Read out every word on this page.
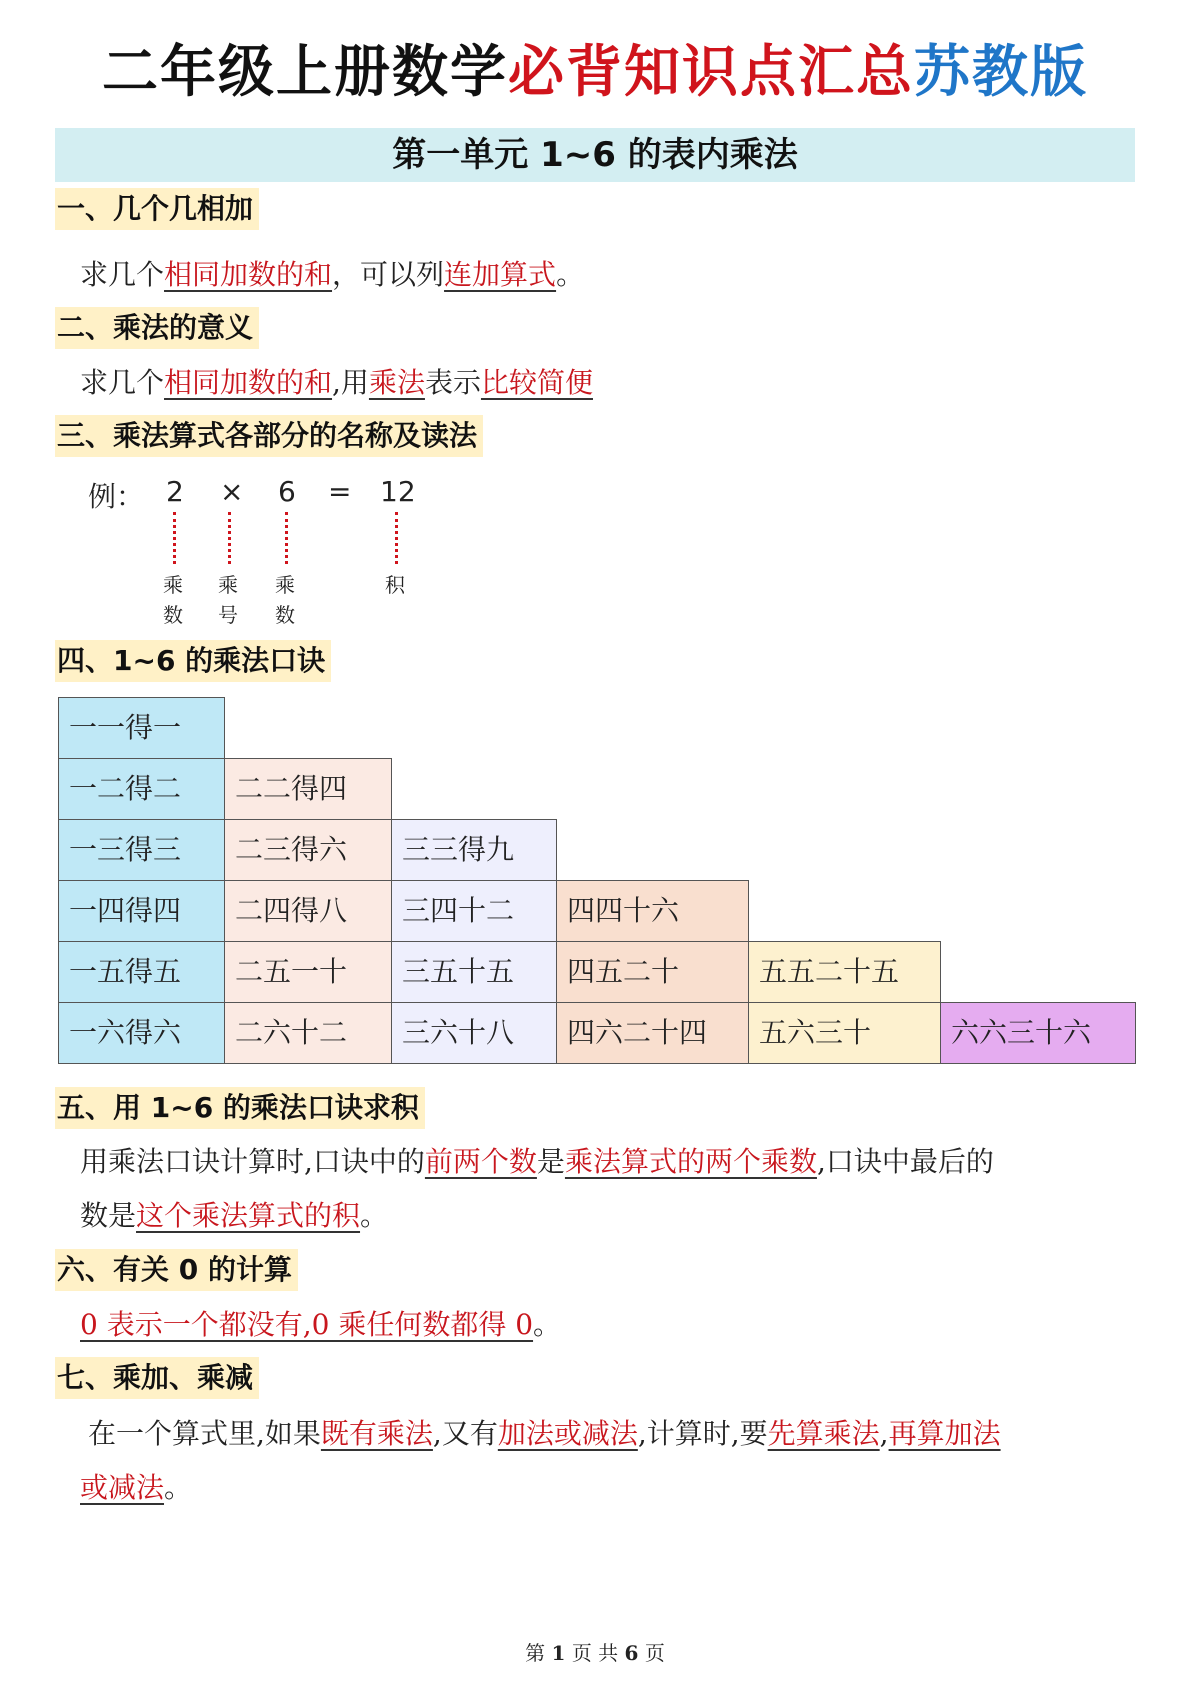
二年级上册数学必背知识点汇总苏教版
第一单元 1~6 的表内乘法
一、几个几相加
求几个相同加数的和，可以列连加算式。
二、乘法的意义
求几个相同加数的和,用乘法表示比较简便
三、乘法算式各部分的名称及读法
例： 2 × 6 = 12
乘
数
乘
号
乘
数
积
四、1~6 的乘法口诀
一一得一
一二得二	二二得四
一三得三	二三得六	三三得九
一四得四	二四得八	三四十二	四四十六
一五得五	二五一十	三五十五	四五二十	五五二十五
一六得六	二六十二	三六十八	四六二十四	五六三十	六六三十六
五、用 1~6 的乘法口诀求积
用乘法口诀计算时,口诀中的前两个数是乘法算式的两个乘数,口诀中最后的
数是这个乘法算式的积。
六、有关 0 的计算
0 表示一个都没有,0 乘任何数都得 0。
七、乘加、乘减
在一个算式里,如果既有乘法,又有加法或减法,计算时,要先算乘法,再算加法
或减法。
第 1 页 共 6 页
